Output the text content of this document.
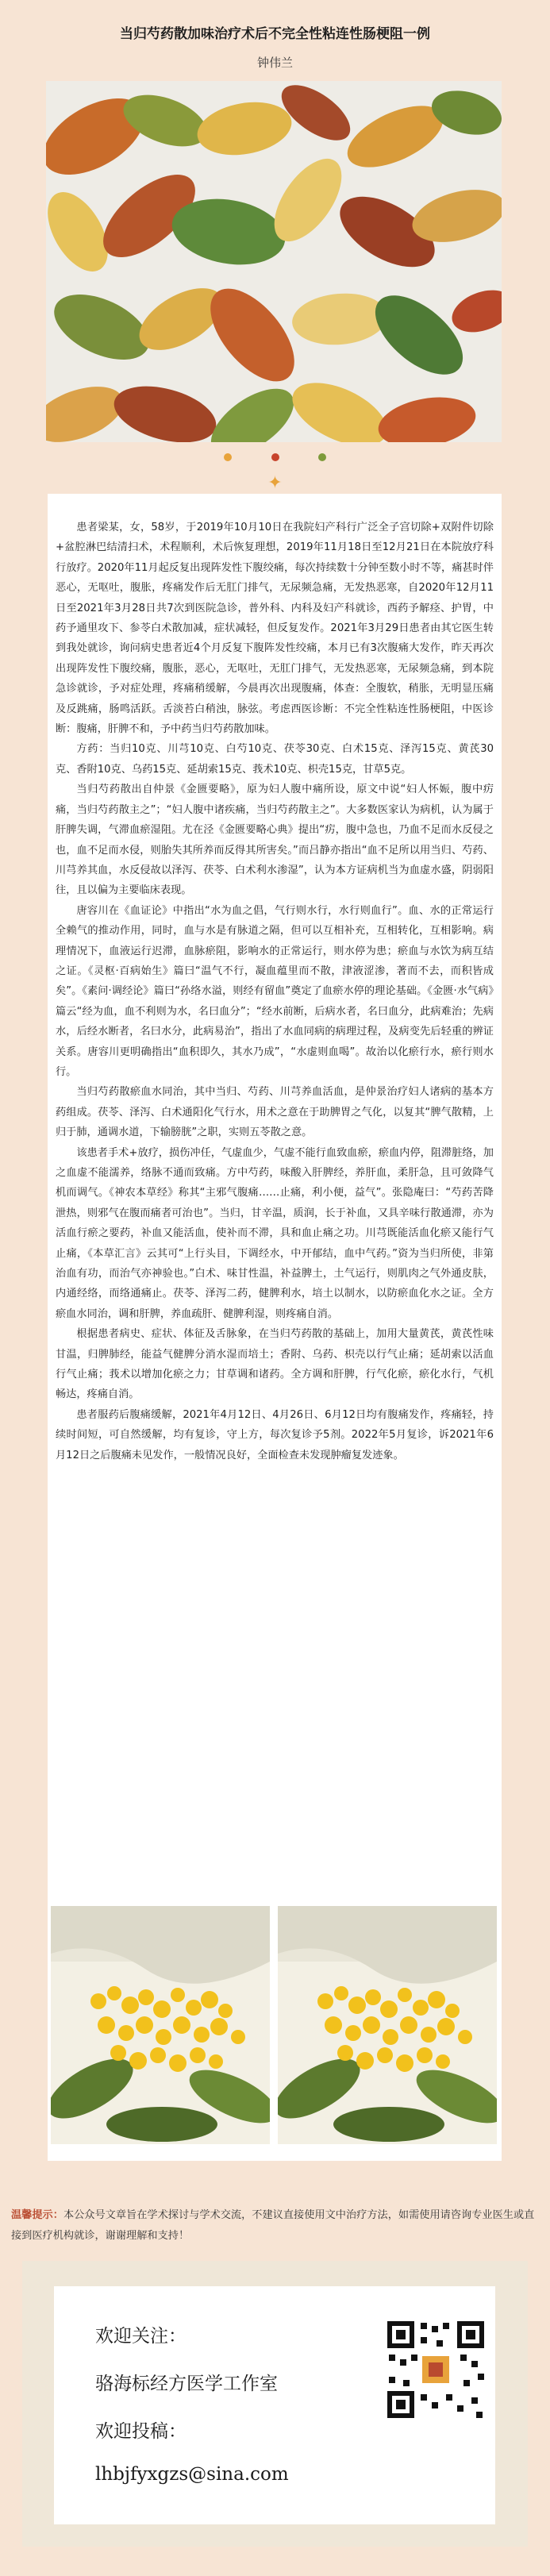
当归芍药散加味治疗术后不完全性粘连性肠梗阻一例

钟伟兰

✦

患者梁某，女，58岁，于2019年10月10日在我院妇产科行广泛全子宫切除+双附件切除+盆腔淋巴结清扫术，术程顺利，术后恢复理想，2019年11月18日至12月21日在本院放疗科行放疗。2020年11月起反复出现阵发性下腹绞痛，每次持续数十分钟至数小时不等，痛甚时伴恶心，无呕吐，腹胀，疼痛发作后无肛门排气，无尿频急痛，无发热恶寒，自2020年12月11日至2021年3月28日共7次到医院急诊，普外科、内科及妇产科就诊，西药予解痉、护胃，中药予通里攻下、参苓白术散加减，症状减轻，但反复发作。2021年3月29日患者由其它医生转到我处就诊，询问病史患者近4个月反复下腹阵发性绞痛，本月已有3次腹痛大发作，昨天再次出现阵发性下腹绞痛，腹胀，恶心，无呕吐，无肛门排气，无发热恶寒，无尿频急痛，到本院急诊就诊，予对症处理，疼痛稍缓解，今晨再次出现腹痛，体查：全腹软，稍胀，无明显压痛及反跳痛，肠鸣活跃。舌淡苔白稍浊，脉弦。考虑西医诊断：不完全性粘连性肠梗阻，中医诊断：腹痛，肝脾不和，予中药当归芍药散加味。

方药：当归10克、川芎10克、白芍10克、茯苓30克、白术15克、泽泻15克、黄芪30克、香附10克、乌药15克、延胡索15克、莪术10克、枳壳15克，甘草5克。

当归芍药散出自仲景《金匮要略》，原为妇人腹中痛所设，原文中说“妇人怀娠，腹中疠痛，当归芍药散主之”；“妇人腹中诸疾痛，当归芍药散主之”。大多数医家认为病机，认为属于肝脾失调，气滞血瘀湿阻。尤在泾《金匮要略心典》提出“疠，腹中急也，乃血不足而水反侵之也，血不足而水侵，则胎失其所养而反得其所害矣。”而吕静亦指出“血不足所以用当归、芍药、川芎养其血，水反侵故以泽泻、茯苓、白术利水渗湿”，认为本方证病机当为血虚水盛，阴弱阳往，且以偏为主要临床表现。

唐容川在《血证论》中指出“水为血之倡，气行则水行，水行则血行”。血、水的正常运行全赖气的推动作用，同时，血与水是有脉道之隔，但可以互相补充，互相转化，互相影响。病理情况下，血液运行迟滞，血脉瘀阻，影响水的正常运行，则水停为患；瘀血与水饮为病互结之证。《灵枢·百病始生》篇曰“温气不行，凝血蕴里而不散，津液涩渗，著而不去，而积皆成矣”。《素问·调经论》篇曰“孙络水溢，则经有留血”奠定了血瘀水停的理论基础。《金匮·水气病》篇云“经为血，血不利则为水，名曰血分”；“经水前断，后病水者，名曰血分，此病难治；先病水，后经水断者，名曰水分，此病易治”，指出了水血同病的病理过程，及病变先后轻重的辨证关系。唐容川更明确指出“血积即久，其水乃成”，“水虚则血喝”。故治以化瘀行水，瘀行则水行。

当归芍药散瘀血水同治，其中当归、芍药、川芎养血活血，是仲景治疗妇人诸病的基本方药组成。茯苓、泽泻、白术通阳化气行水，用术之意在于助脾胃之气化，以复其“脾气散精，上归于肺，通调水道，下输膀胱”之职，实则五苓散之意。

该患者手术+放疗，损伤冲任，气虚血少，气虚不能行血致血瘀，瘀血内停，阻滞脏络，加之血虚不能濡养，络脉不通而致痛。方中芍药，味酸入肝脾经，养肝血，柔肝急，且可敛降气机而调气。《神农本草经》称其“主邪气腹痛……止痛，利小便，益气”。张隐庵曰：“芍药苦降泄热，则邪气在腹而痛者可治也”。当归，甘辛温，质润，长于补血，又具辛味行散通滞，亦为活血行瘀之要药，补血又能活血，使补而不滞，具和血止痛之功。川芎既能活血化瘀又能行气止痛，《本草汇言》云其可“上行头目，下调经水，中开郁结，血中气药。”资为当归所使，非第治血有功，而治气亦神验也。”白术、味甘性温，补益脾土，土气运行，则肌肉之气外通皮肤，内通经络，而络通痛止。茯苓、泽泻二药，健脾利水，培土以制水，以防瘀血化水之证。全方瘀血水同治，调和肝脾，养血疏肝、健脾利湿，则疼痛自消。

根据患者病史、症状、体征及舌脉象，在当归芍药散的基础上，加用大量黄芪，黄芪性味甘温，归脾肺经，能益气健脾分消水湿而培土；香附、乌药、枳壳以行气止痛；延胡索以活血行气止痛；莪术以增加化瘀之力；甘草调和诸药。全方调和肝脾，行气化瘀，瘀化水行，气机畅达，疼痛自消。

患者服药后腹痛缓解，2021年4月12日、4月26日、6月12日均有腹痛发作，疼痛轻，持续时间短，可自然缓解，均有复诊，守上方，每次复诊予5剂。2022年5月复诊，诉2021年6月12日之后腹痛未见发作，一般情况良好，全面检查未发现肿瘤复发迹象。

温馨提示：本公众号文章旨在学术探讨与学术交流，不建议直接使用文中治疗方法，如需使用请咨询专业医生或直接到医疗机构就诊，谢谢理解和支持！

欢迎关注：

骆海标经方医学工作室

欢迎投稿：

lhbjfyxgzs@sina.com
